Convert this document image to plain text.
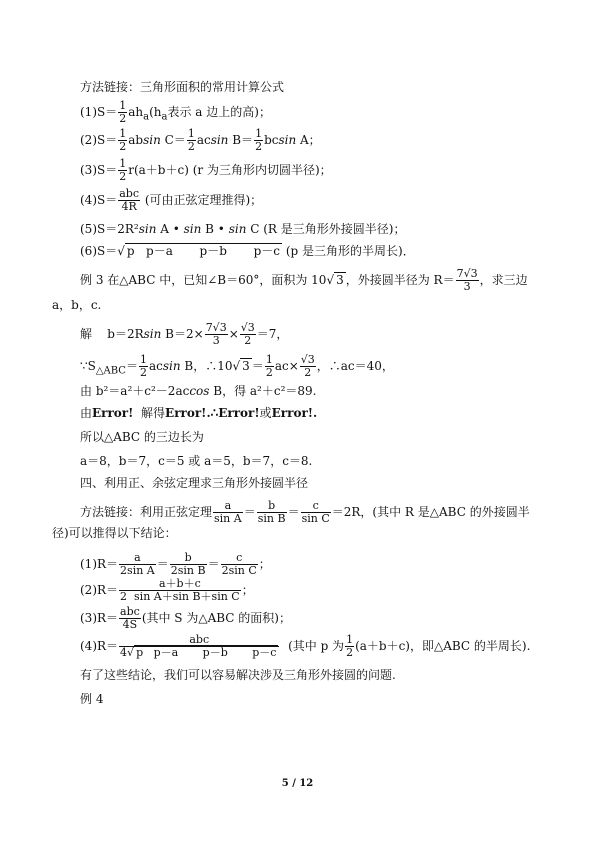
方法链接：三角形面积的常用计算公式
$(1)S= \frac{1}{2} ah_a(h_a$表示 a 边上的高)；
$(2)S= \frac{1}{2}$ absin $C= \frac{1}{2}$ acsin $B= \frac{1}{2}$ bcsin A；
$(3)S= \frac{1}{2} r(a+b+c)$ (r 为三角形内切圆半径)；
(4)S＝ abc
4R (可由正弦定理推得)；
(5)S＝2R²sin A • sin B • sin C (R 是三角形外接圆半径)；
(6)S＝√ p   p－a       p－b       p－c (p 是三角形的半周长)．
例 3 在△ABC 中，已知∠B＝60°，面积为 10√ 3 ，外接圆半径为 $R= \frac{7√3}{3}$ ，求三边
a，b，c.
解    b＝2Rsin $B=2\times \frac{7√3}{3} \times \frac{√3}{2} =7$，
$\because S_{\triangle ABC}= \frac{1}{2}$ acsin B，∴10√ $3 = \frac{1}{2} ac\times \frac{√3}{2}$ ，∴ac＝40，
由 b²＝a²＋c²－2accos B，得 a²＋c²＝89.
由Error!  解得Error!.∴Error!或Error!.
所以△ABC 的三边长为
a＝8，b＝7，c＝5 或 a＝5，b＝7，c＝8.
四、利用正、余弦定理求三角形外接圆半径
方法链接：利用正弦定理 $\frac{a}{\text{sin A}} = \frac{b}{\text{sin B}} = \frac{c}{\text{sin C}} =2R$，(其中 R 是△ABC 的外接圆半
径)可以推得以下结论：
$(1)R= \frac{a}{\text{2sin A}} = \frac{b}{\text{2sin B}} = \frac{c}{\text{2sin C}}$ ；
$(2)R= \frac{a+b+c}{\text{2  sin A＋sin B＋sin C}}$ ；
(3)R＝ abc
4S (其中 S 为△ABC 的面积)；
(4)R＝	abc
4√ p   p－a       p－b       p－c (其中 p 为 $\frac{1}{2} (a+b+c)$，即△ABC 的半周长).
有了这些结论，我们可以容易解决涉及三角形外接圆的问题.
例 4
5 / 12
